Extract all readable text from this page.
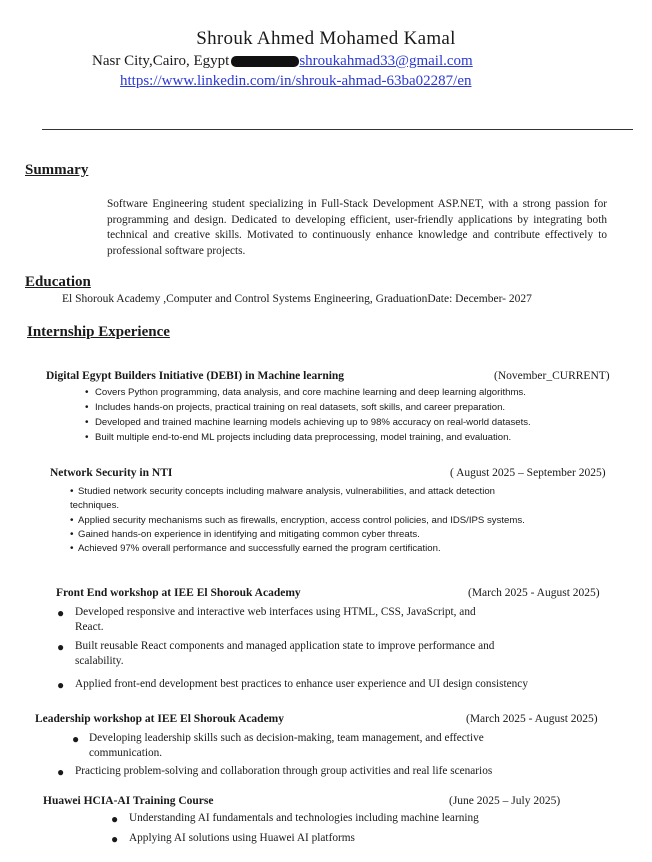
Shrouk Ahmed Mohamed Kamal
Nasr City,Cairo, Egypt	shroukahmad33@gmail.com
https://www.linkedin.com/in/shrouk-ahmad-63ba02287/en
Summary
Software Engineering student specializing in Full-Stack Development ASP.NET, with a strong passion for programming and design. Dedicated to developing efficient, user-friendly applications by integrating both technical and creative skills. Motivated to continuously enhance knowledge and contribute effectively to professional software projects.
Education
El Shorouk Academy ,Computer and Control Systems Engineering, GraduationDate: December- 2027
Internship Experience
Digital Egypt Builders Initiative (DEBI) in Machine learning	(November_CURRENT)
• Covers Python programming, data analysis, and core machine learning and deep learning algorithms.
• Includes hands-on projects, practical training on real datasets, soft skills, and career preparation.
• Developed and trained machine learning models achieving up to 98% accuracy on real-world datasets.
• Built multiple end-to-end ML projects including data preprocessing, model training, and evaluation.
Network Security in NTI	( August 2025 – September 2025)
• Studied network security concepts including malware analysis, vulnerabilities, and attack detection
techniques.
• Applied security mechanisms such as firewalls, encryption, access control policies, and IDS/IPS systems.
• Gained hands-on experience in identifying and mitigating common cyber threats.
• Achieved 97% overall performance and successfully earned the program certification.
Front End workshop at IEE El Shorouk Academy	(March 2025 - August 2025)
● Developed responsive and interactive web interfaces using HTML, CSS, JavaScript, and
React.
● Built reusable React components and managed application state to improve performance and
scalability.
● Applied front-end development best practices to enhance user experience and UI design consistency
Leadership workshop at IEE El Shorouk Academy	(March 2025 - August 2025)
● Developing leadership skills such as decision-making, team management, and effective
communication.
● Practicing problem-solving and collaboration through group activities and real life scenarios
Huawei HCIA-AI Training Course	(June 2025 – July 2025)
● Understanding AI fundamentals and technologies including machine learning
● Applying AI solutions using Huawei AI platforms
